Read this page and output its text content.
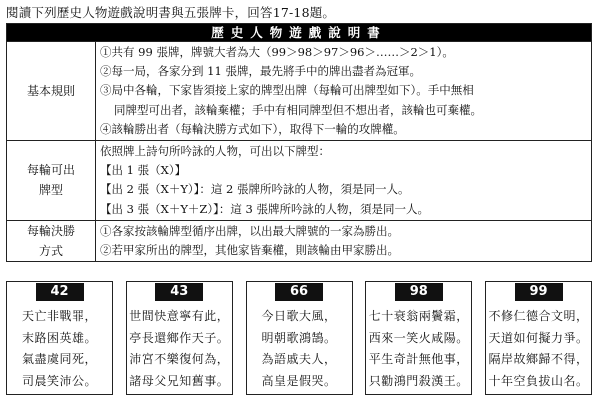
閱讀下列歷史人物遊戲說明書與五張牌卡，回答17-18題。
歷史人物遊戲說明書
基本規則
①共有 99 張牌，牌號大者為大（99＞98＞97＞96＞……＞2＞1）。
②每一局，各家分到 11 張牌，最先將手中的牌出盡者為冠軍。
③局中各輪，下家皆須接上家的牌型出牌（每輪可出牌型如下）。手中無相
同牌型可出者，該輪棄權；手中有相同牌型但不想出者，該輪也可棄權。
④該輪勝出者（每輪決勝方式如下），取得下一輪的攻牌權。
每輪可出
牌型
依照牌上詩句所吟詠的人物，可出以下牌型：
【出 1 張（X）】
【出 2 張（X＋Y）】：這 2 張牌所吟詠的人物，須是同一人。
【出 3 張（X＋Y＋Z）】：這 3 張牌所吟詠的人物，須是同一人。
每輪決勝
方式
①各家按該輪牌型循序出牌，以出最大牌號的一家為勝出。
②若甲家所出的牌型，其他家皆棄權，則該輪由甲家勝出。
42
天亡非戰罪，
末路困英雄。
氣盡虞同死，
司晨笑沛公。
43
世間快意寧有此，
亭長還鄉作天子。
沛宮不樂復何為，
諸母父兄知舊事。
66
今日歌大風，
明朝歌鴻鵠。
為語戚夫人，
高皇是假哭。
98
七十衰翁兩鬢霜，
西來一笑火咸陽。
平生奇計無他事，
只勸鴻門殺漢王。
99
不修仁德合文明，
天道如何擬力爭。
隔岸故鄉歸不得，
十年空負拔山名。
